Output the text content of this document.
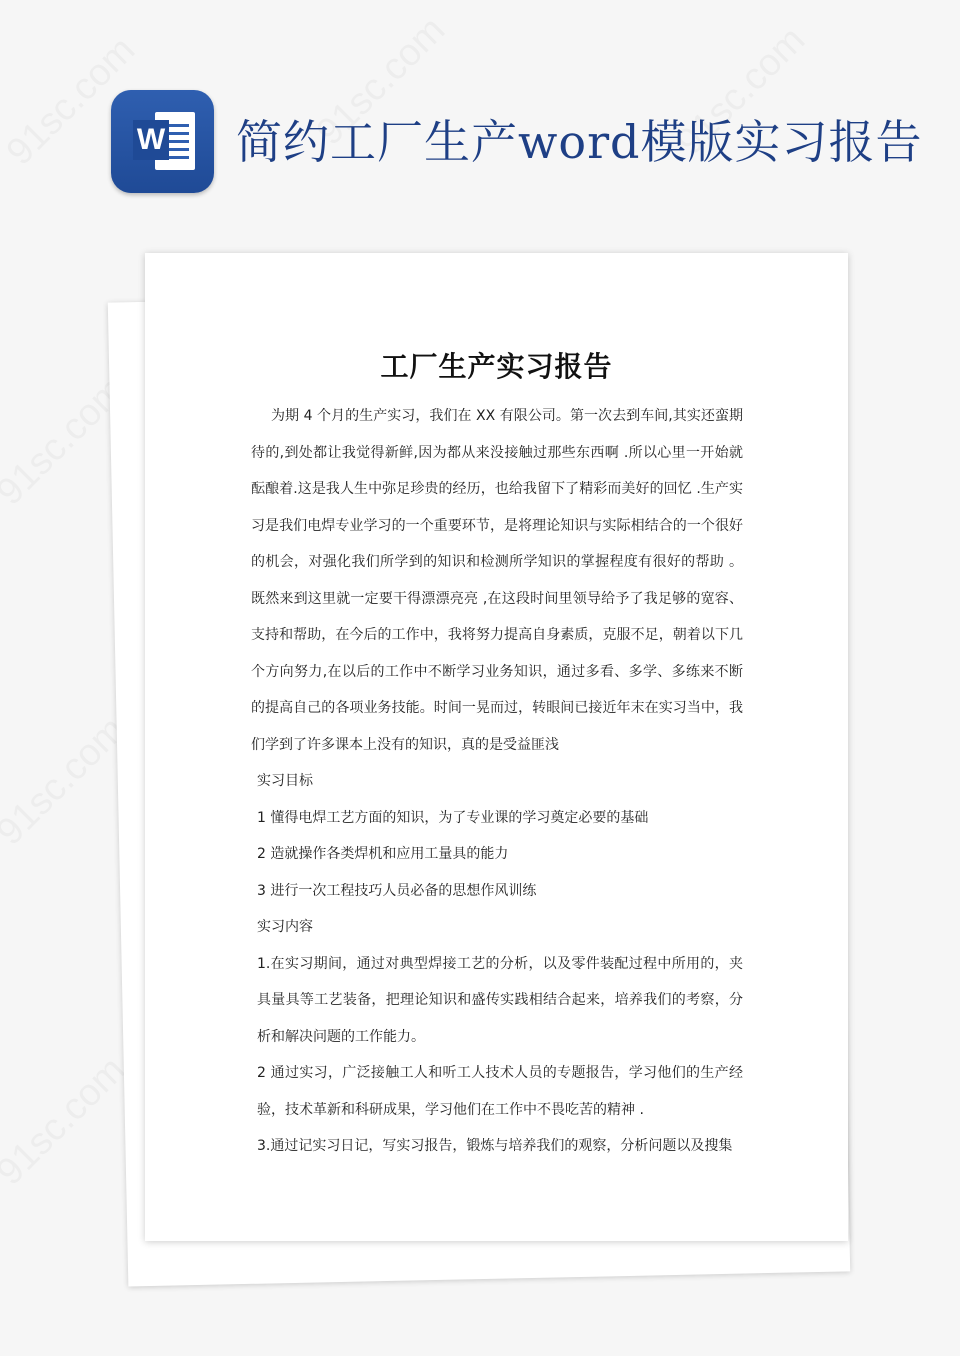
W 简约工厂生产word模版实习报告
工厂生产实习报告

为期 4 个月的生产实习，我们在 XX 有限公司。第一次去到车间,其实还蛮期待的,到处都让我觉得新鲜,因为都从来没接触过那些东西啊 .所以心里一开始就酝酿着.这是我人生中弥足珍贵的经历，也给我留下了精彩而美好的回忆 .生产实习是我们电焊专业学习的一个重要环节，是将理论知识与实际相结合的一个很好的机会，对强化我们所学到的知识和检测所学知识的掌握程度有很好的帮助 。既然来到这里就一定要干得漂漂亮亮 ,在这段时间里领导给予了我足够的宽容、支持和帮助，在今后的工作中，我将努力提高自身素质，克服不足，朝着以下几个方向努力,在以后的工作中不断学习业务知识，通过多看、多学、多练来不断的提高自己的各项业务技能。时间一晃而过，转眼间已接近年末在实习当中，我们学到了许多课本上没有的知识，真的是受益匪浅

实习目标

1 懂得电焊工艺方面的知识，为了专业课的学习奠定必要的基础

2 造就操作各类焊机和应用工量具的能力

3 进行一次工程技巧人员必备的思想作风训练

实习内容

1.在实习期间，通过对典型焊接工艺的分析，以及零件装配过程中所用的，夹具量具等工艺装备，把理论知识和盛传实践相结合起来，培养我们的考察，分析和解决问题的工作能力。

2 通过实习，广泛接触工人和听工人技术人员的专题报告，学习他们的生产经验，技术革新和科研成果，学习他们在工作中不畏吃苦的精神 .

3.通过记实习日记，写实习报告，锻炼与培养我们的观察，分析问题以及搜集
